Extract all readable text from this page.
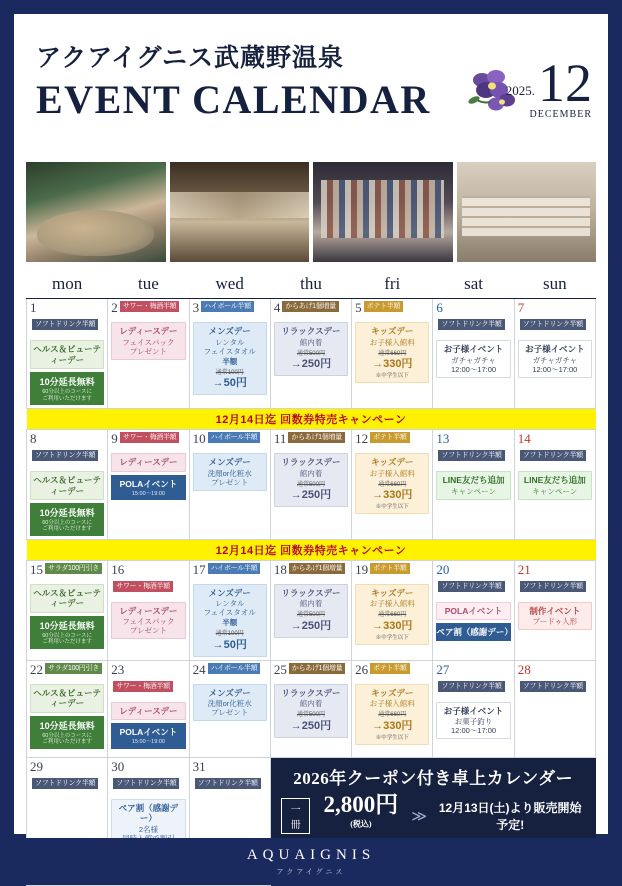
アクアイグニス武蔵野温泉
EVENT CALENDAR	2025. 12
DECEMBER
mon	tue	wed	thu	fri	sat	sun

1ソフトドリンク半額
ヘルス＆ビューティーデー
10分延長無料
60分以上のコースに
ご利用いただけます

2 サワー・梅酒半額
レディースデー
フェイスパック
プレゼント

3 ハイボール半額
メンズデー
レンタル
フェイスタオル
半額
通常100円
→50円

4 からあげ1個増量
リラックスデー
館内着
通常500円
→250円

5 ポテト半額
キッズデー
お子様入館料
通常660円
→330円
※中学生以下

6ソフトドリンク半額
お子様イベント
ガチャガチャ
12:00〜17:00

7ソフトドリンク半額
お子様イベント
ガチャガチャ
12:00〜17:00

12月14日迄 回数券特売キャンペーン						

8ソフトドリンク半額
ヘルス＆ビューティーデー
10分延長無料
60分以上のコースに
ご利用いただけます

9 サワー・梅酒半額
レディースデー
POLAイベント
15:00〜19:00

10 ハイボール半額
メンズデー
洗顔or化粧水
プレゼント

11 からあげ1個増量
リラックスデー
館内着
通常500円
→250円

12 ポテト半額
キッズデー
お子様入館料
通常660円
→330円
※中学生以下

13ソフトドリンク半額
LINE友だち追加
キャンペーン

14ソフトドリンク半額
LINE友だち追加
キャンペーン

12月14日迄 回数券特売キャンペーン						

15 サラダ100円引き
ヘルス＆ビューティーデー
10分延長無料
60分以上のコースに
ご利用いただけます

16サワー・梅酒半額
レディースデー
フェイスパック
プレゼント

17 ハイボール半額
メンズデー
レンタル
フェイスタオル
半額
通常100円
→50円

18 からあげ1個増量
リラックスデー
館内着
通常500円
→250円

19 ポテト半額
キッズデー
お子様入館料
通常660円
→330円
※中学生以下

20ソフトドリンク半額
POLAイベント
ペア割（感謝デー）

21ソフトドリンク半額
制作イベント
ブードゥ人形

22 サラダ100円引き
ヘルス＆ビューティーデー
10分延長無料
60分以上のコースに
ご利用いただけます

23サワー・梅酒半額
レディースデー
POLAイベント
15:00〜19:00

24 ハイボール半額
メンズデー
洗顔or化粧水
プレゼント

25 からあげ1個増量
リラックスデー
館内着
通常500円
→250円

26 ポテト半額
キッズデー
お子様入館料
通常660円
→330円
※中学生以下

27ソフトドリンク半額
お子様イベント
お菓子釣り
12:00〜17:00

28ソフトドリンク半額

29ソフトドリンク半額

30ソフトドリンク半額
ペア割（感謝デー）
2名様

31ソフトドリンク半額	2026年クーポン付き卓上カレンダー
一冊
2,800円$^{(税込)}$	≫ 12月13日(土)より販売開始予定!
AQUAIGNIS
アクアイグニス
